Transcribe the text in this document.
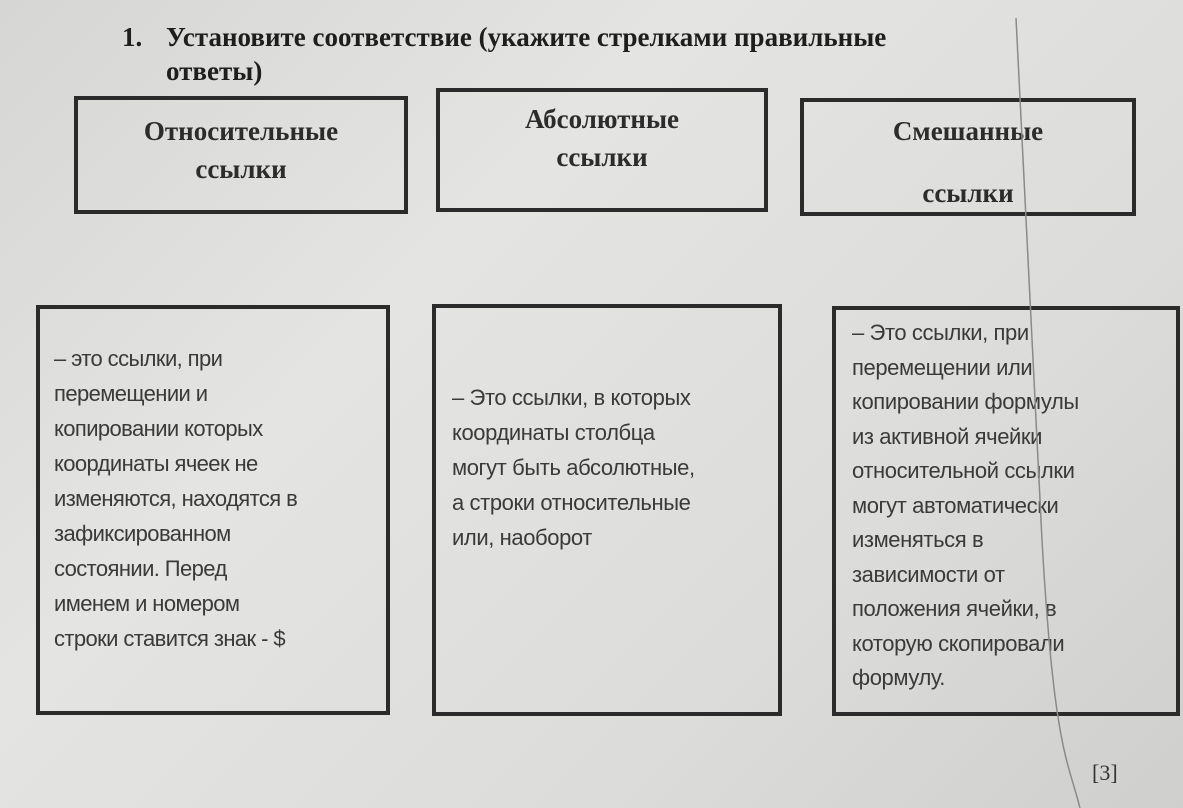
1. Установите соответствие (укажите стрелками правильные
ответы)
Относительные
ссылки
Абсолютные
ссылки
Смешанные
ссылки
– это ссылки, при
перемещении и
копировании которых
координаты ячеек не
изменяются, находятся в
зафиксированном
состоянии. Перед
именем и номером
строки ставится знак - $
– Это ссылки, в которых
координаты столбца
могут быть абсолютные,
а строки относительные
или, наоборот
– Это ссылки, при
перемещении или
копировании формулы
из активной ячейки
относительной ссылки
могут автоматически
изменяться в
зависимости от
положения ячейки, в
которую скопировали
формулу.
[3]
